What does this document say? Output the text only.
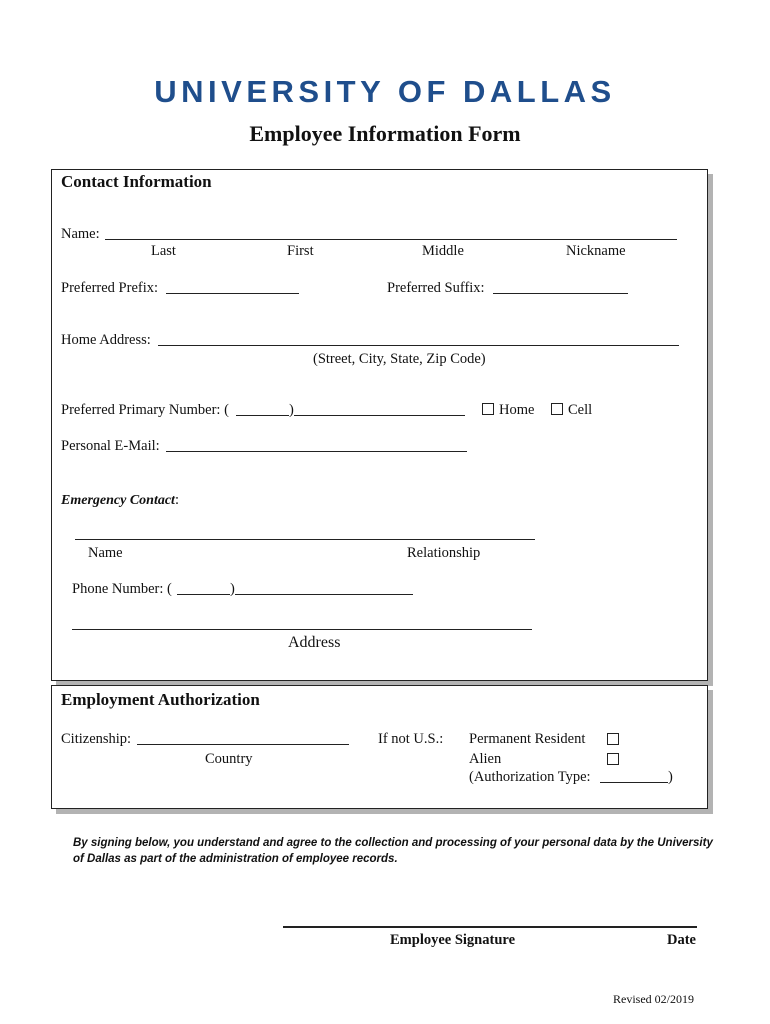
UNIVERSITY OF DALLAS
Employee Information Form
Contact Information
Name:
Last	First	Middle	Nickname
Preferred Prefix:	Preferred Suffix:
Home Address:
(Street, City, State, Zip Code)
Preferred Primary Number: (	)	Home	Cell
Personal E-Mail:
Emergency Contact:
Name	Relationship
Phone Number: (	)
Address
Employment Authorization
Citizenship:
Country
If not U.S.: Permanent Resident
Alien
(Authorization Type:	)
By signing below, you understand and agree to the collection and processing of your personal data by the University of Dallas as part of the administration of employee records.
Employee Signature	Date
Revised 02/2019
